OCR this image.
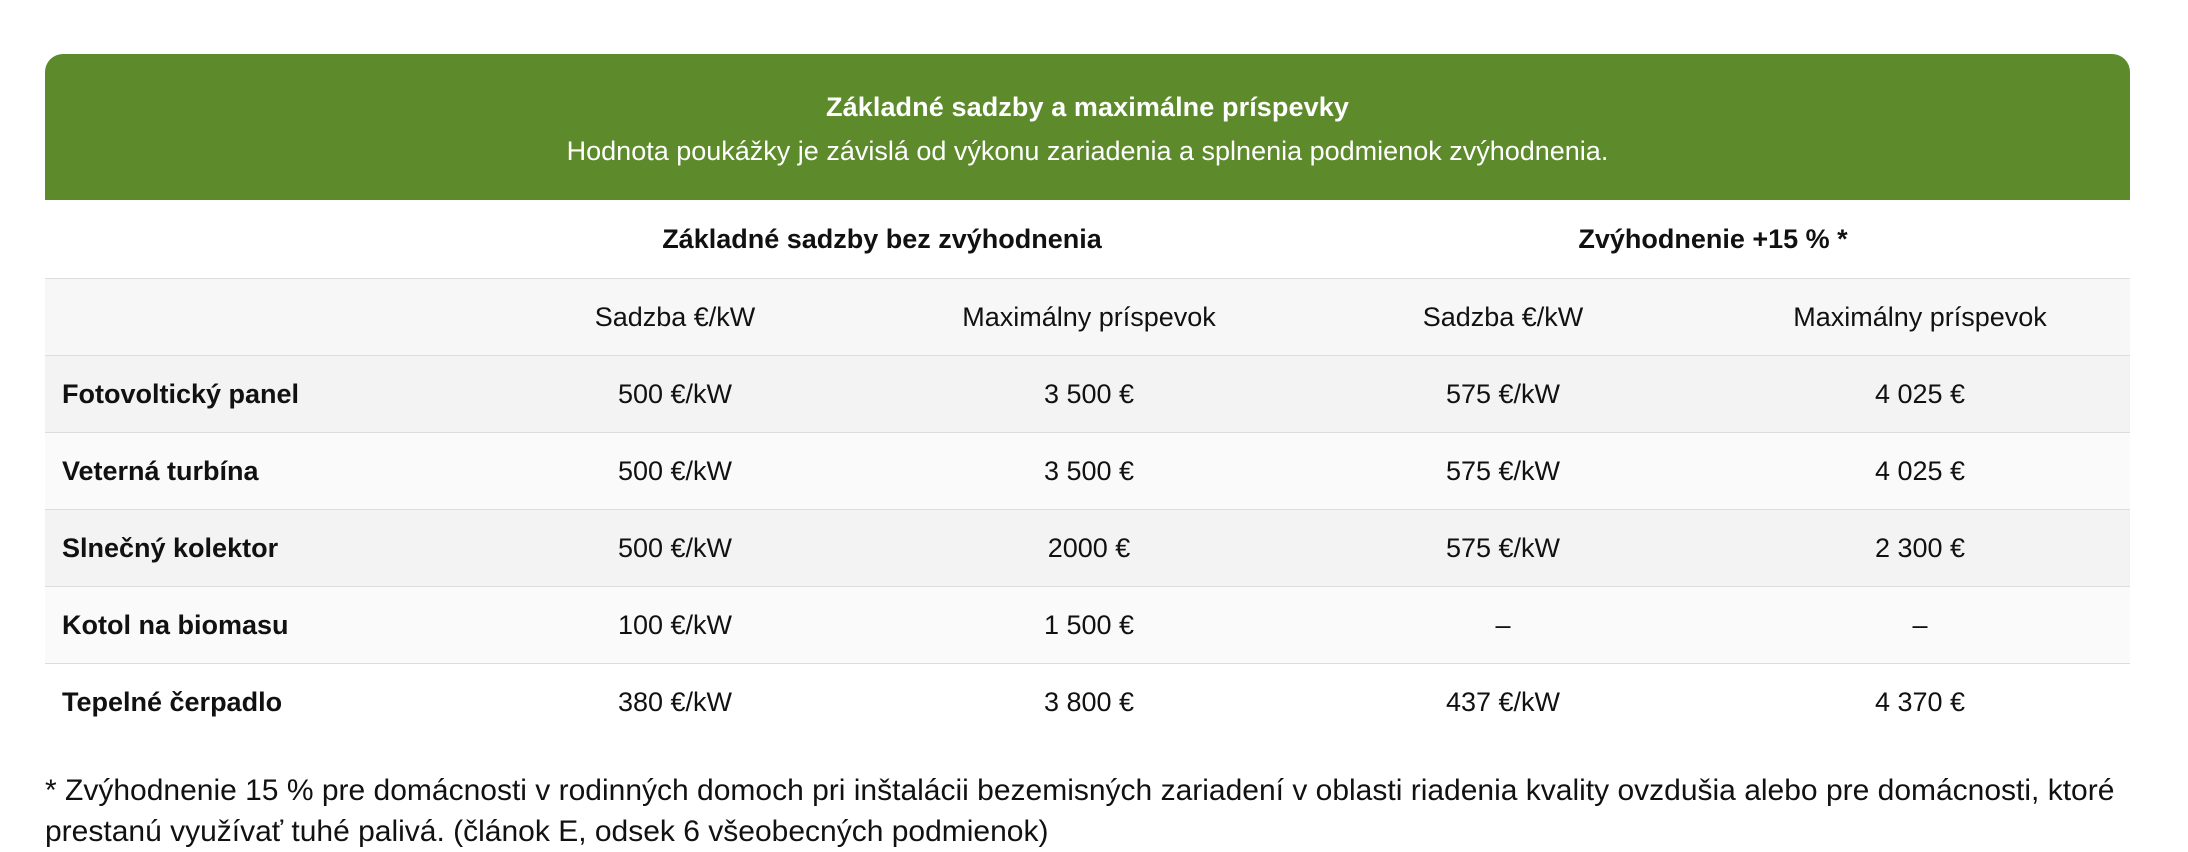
Základné sadzby a maximálne príspevky
Hodnota poukážky je závislá od výkonu zariadenia a splnenia podmienok zvýhodnenia.
	Základné sadzby bez zvýhodnenia		Zvýhodnenie +15 % *	
	Sadzba €/kW	Maximálny príspevok	Sadzba €/kW	Maximálny príspevok
Fotovoltický panel	500 €/kW	3 500 €	575 €/kW	4 025 €
Veterná turbína	500 €/kW	3 500 €	575 €/kW	4 025 €
Slnečný kolektor	500 €/kW	2000 €	575 €/kW	2 300 €
Kotol na biomasu	100 €/kW	1 500 €	–	–
Tepelné čerpadlo	380 €/kW	3 800 €	437 €/kW	4 370 €
* Zvýhodnenie 15 % pre domácnosti v rodinných domoch pri inštalácii bezemisných zariadení v oblasti riadenia kvality ovzdušia alebo pre domácnosti, ktoré prestanú využívať tuhé palivá. (článok E, odsek 6 všeobecných podmienok)
